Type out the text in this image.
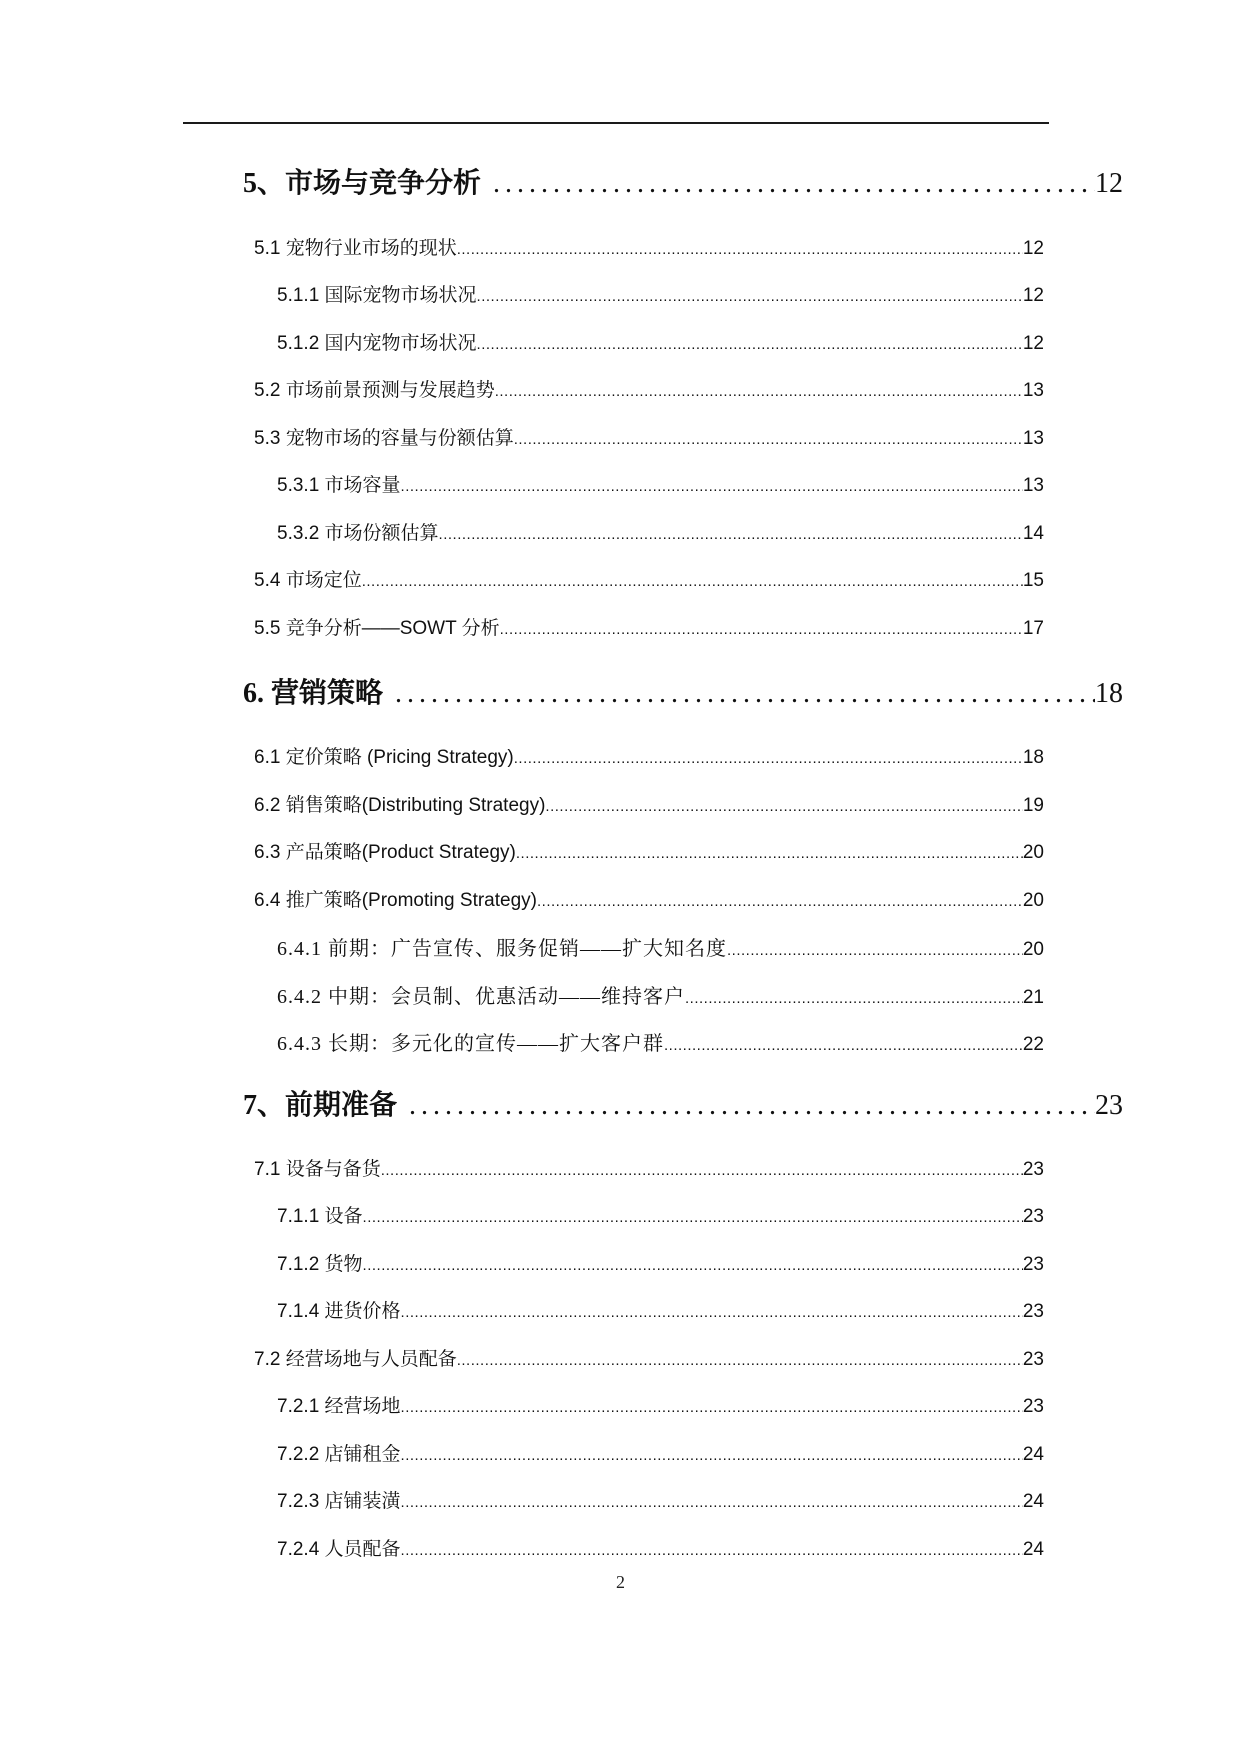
5、市场与竞争分析 .....	12
5.1 宠物行业市场的现状 .....	12
5.1.1 国际宠物市场状况 .....	12
5.1.2 国内宠物市场状况 .....	12
5.2 市场前景预测与发展趋势 .....	13
5.3 宠物市场的容量与份额估算 .....	13
5.3.1 市场容量 .....	13
5.3.2 市场份额估算 .....	14
5.4 市场定位 .....	15
5.5 竞争分析——SOWT 分析 .....	17
6. 营销策略 .....	18
6.1 定价策略 (Pricing Strategy) .....	18
6.2 销售策略(Distributing Strategy) .....	19
6.3 产品策略(Product Strategy) .....	20
6.4 推广策略(Promoting Strategy) .....	20
6.4.1 前期：广告宣传、服务促销——扩大知名度 .....	20
6.4.2 中期：会员制、优惠活动——维持客户 .....	21
6.4.3 长期：多元化的宣传——扩大客户群 .....	22
7、前期准备 .....	23
7.1 设备与备货 .....	23
7.1.1 设备 .....	23
7.1.2 货物 .....	23
7.1.4 进货价格 .....	23
7.2 经营场地与人员配备 .....	23
7.2.1 经营场地 .....	23
7.2.2 店铺租金 .....	24
7.2.3 店铺装潢 .....	24
7.2.4 人员配备 .....	24
2
